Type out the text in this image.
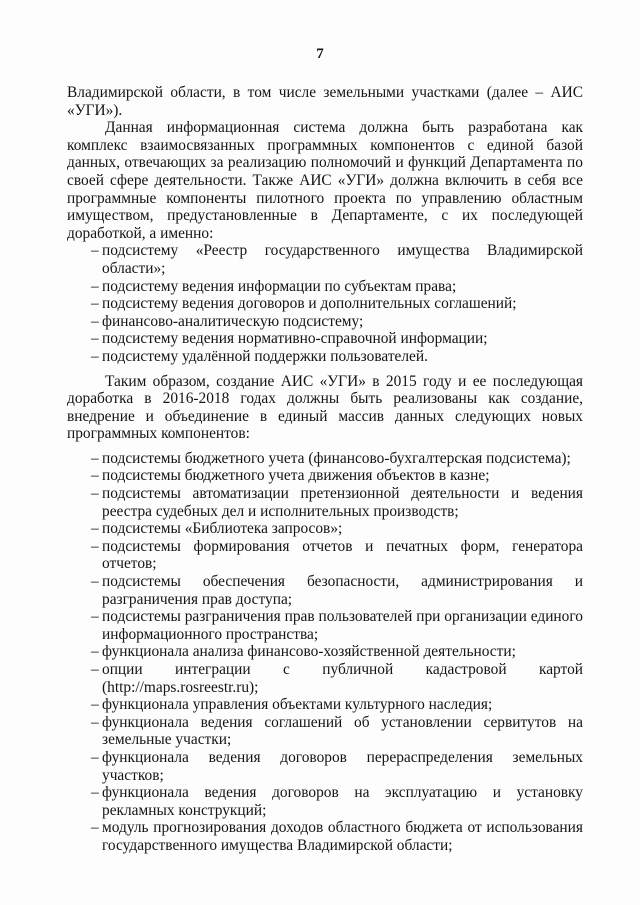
7

Владимирской области, в том числе земельными участками (далее – АИС «УГИ»).

Данная информационная система должна быть разработана как комплекс взаимосвязанных программных компонентов с единой базой данных, отвечающих за реализацию полномочий и функций Департамента по своей сфере деятельности. Также АИС «УГИ» должна включить в себя все программные компоненты пилотного проекта по управлению областным имуществом, предустановленные в Департаменте, с их последующей доработкой, а именно:

– подсистему «Реестр государственного имущества Владимирской области»;
– подсистему ведения информации по субъектам права;
– подсистему ведения договоров и дополнительных соглашений;
– финансово-аналитическую подсистему;
– подсистему ведения нормативно-справочной информации;
– подсистему удалённой поддержки пользователей.

Таким образом, создание АИС «УГИ» в 2015 году и ее последующая доработка в 2016-2018 годах должны быть реализованы как создание, внедрение и объединение в единый массив данных следующих новых программных компонентов:

– подсистемы бюджетного учета (финансово-бухгалтерская подсистема);
– подсистемы бюджетного учета движения объектов в казне;
– подсистемы автоматизации претензионной деятельности и ведения реестра судебных дел и исполнительных производств;
– подсистемы «Библиотека запросов»;
– подсистемы формирования отчетов и печатных форм, генератора отчетов;
– подсистемы обеспечения безопасности, администрирования и разграничения прав доступа;
– подсистемы разграничения прав пользователей при организации единого информационного пространства;
– функционала анализа финансово-хозяйственной деятельности;
– опции интеграции с публичной кадастровой картой (http://maps.rosreestr.ru);
– функционала управления объектами культурного наследия;
– функционала ведения соглашений об установлении сервитутов на земельные участки;
– функционала ведения договоров перераспределения земельных участков;
– функционала ведения договоров на эксплуатацию и установку рекламных конструкций;
– модуль прогнозирования доходов областного бюджета от использования государственного имущества Владимирской области;
